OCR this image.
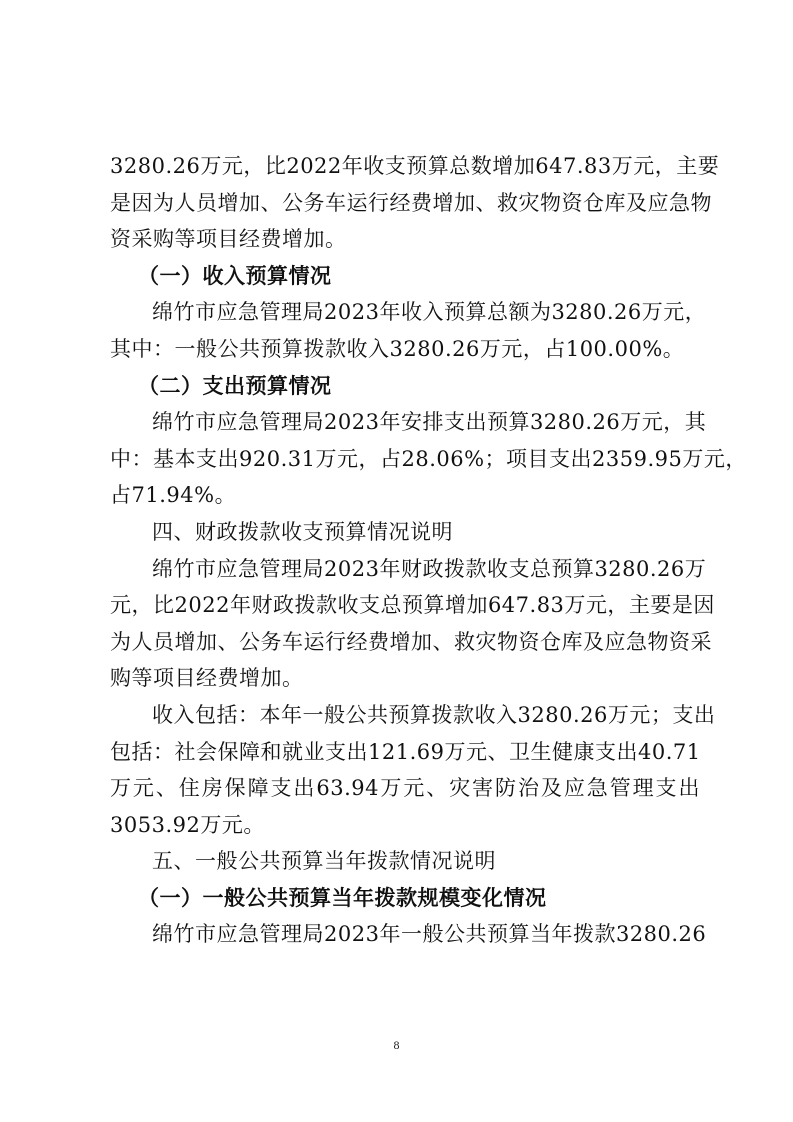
3280.26万元，比2022年收支预算总数增加647.83万元，主要
是因为人员增加、公务车运行经费增加、救灾物资仓库及应急物
资采购等项目经费增加。
（一）收入预算情况
绵竹市应急管理局2023年收入预算总额为3280.26万元，
其中：一般公共预算拨款收入3280.26万元，占100.00%。
（二）支出预算情况
绵竹市应急管理局2023年安排支出预算3280.26万元，其
中：基本支出920.31万元，占28.06%；项目支出2359.95万元，
占71.94%。
四、财政拨款收支预算情况说明
绵竹市应急管理局2023年财政拨款收支总预算3280.26万
元，比2022年财政拨款收支总预算增加647.83万元，主要是因
为人员增加、公务车运行经费增加、救灾物资仓库及应急物资采
购等项目经费增加。
收入包括：本年一般公共预算拨款收入3280.26万元；支出
包括：社会保障和就业支出121.69万元、卫生健康支出40.71
万元、住房保障支出63.94万元、灾害防治及应急管理支出
3053.92万元。
五、一般公共预算当年拨款情况说明
（一）一般公共预算当年拨款规模变化情况
绵竹市应急管理局2023年一般公共预算当年拨款3280.26
8
